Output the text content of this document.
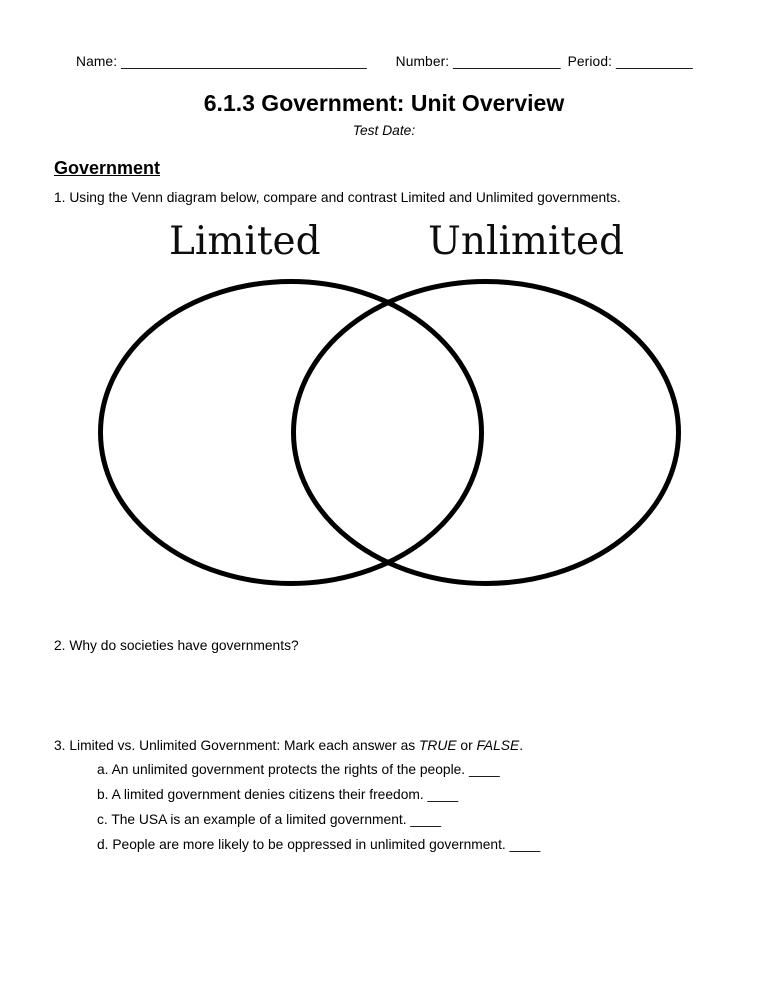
Name: ________________________________ Number: ______________ Period: __________
6.1.3 Government: Unit Overview
Test Date:
Government

1. Using the Venn diagram below, compare and contrast Limited and Unlimited governments.

Limited	Unlimited

2. Why do societies have governments?

3. Limited vs. Unlimited Government: Mark each answer as TRUE or FALSE.

a. An unlimited government protects the rights of the people. ____

b. A limited government denies citizens their freedom. ____

c. The USA is an example of a limited government. ____

d. People are more likely to be oppressed in unlimited government. ____
